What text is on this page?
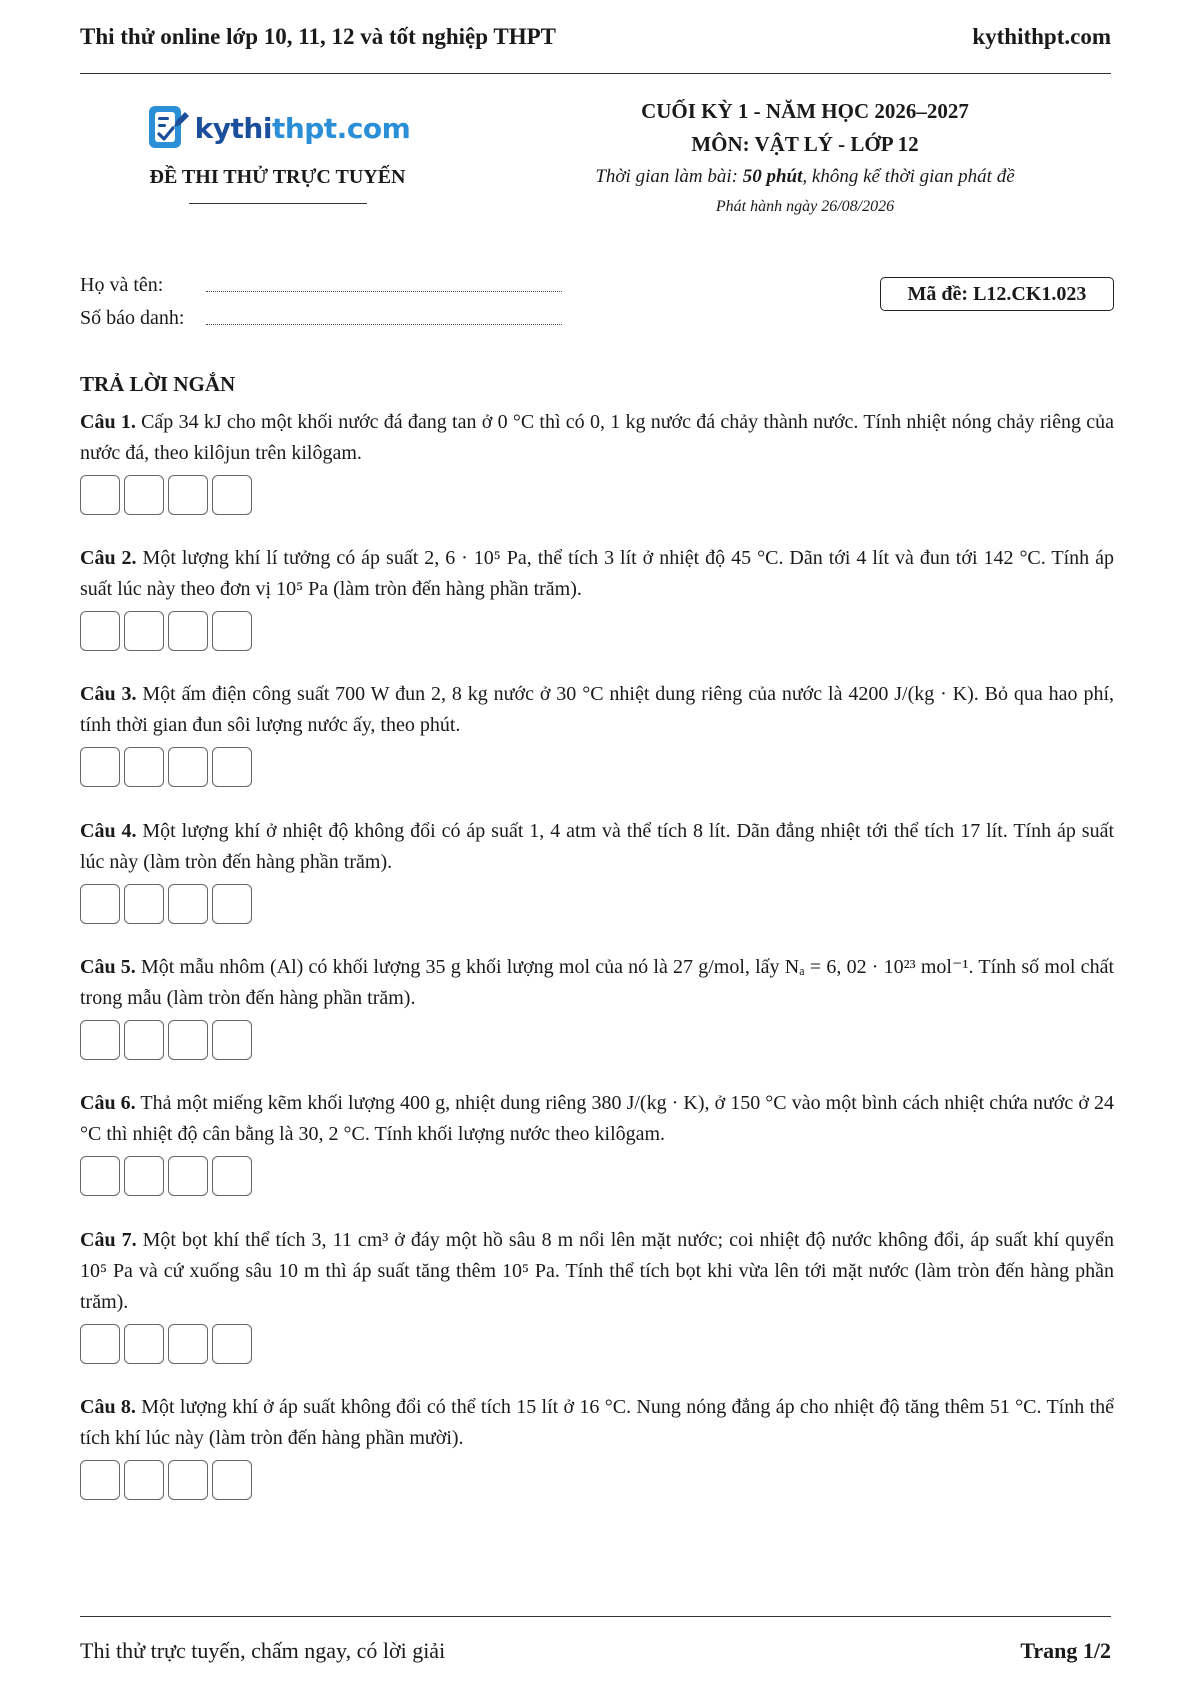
Thi thử online lớp 10, 11, 12 và tốt nghiệp THPT	kythithpt.com
kythithpt.com
ĐỀ THI THỬ TRỰC TUYẾN
CUỐI KỲ 1 - NĂM HỌC 2026–2027
MÔN: VẬT LÝ - LỚP 12
Thời gian làm bài: 50 phút, không kể thời gian phát đề
Phát hành ngày 26/08/2026
Họ và tên:
Số báo danh:
Mã đề: L12.CK1.023
TRẢ LỜI NGẮN
Câu 1. Cấp 34 kJ cho một khối nước đá đang tan ở 0 °C thì có 0, 1 kg nước đá chảy thành nước. Tính nhiệt nóng chảy riêng của nước đá, theo kilôjun trên kilôgam.
Câu 2. Một lượng khí lí tưởng có áp suất 2, 6 · 10⁵ Pa, thể tích 3 lít ở nhiệt độ 45 °C. Dãn tới 4 lít và đun tới 142 °C. Tính áp suất lúc này theo đơn vị 10⁵ Pa (làm tròn đến hàng phần trăm).
Câu 3. Một ấm điện công suất 700 W đun 2, 8 kg nước ở 30 °C nhiệt dung riêng của nước là 4200 J/(kg · K). Bỏ qua hao phí, tính thời gian đun sôi lượng nước ấy, theo phút.
Câu 4. Một lượng khí ở nhiệt độ không đổi có áp suất 1, 4 atm và thể tích 8 lít. Dãn đẳng nhiệt tới thể tích 17 lít. Tính áp suất lúc này (làm tròn đến hàng phần trăm).
Câu 5. Một mẫu nhôm (Al) có khối lượng 35 g khối lượng mol của nó là 27 g/mol, lấy Nₐ = 6, 02 · 10²³ mol⁻¹. Tính số mol chất trong mẫu (làm tròn đến hàng phần trăm).
Câu 6. Thả một miếng kẽm khối lượng 400 g, nhiệt dung riêng 380 J/(kg · K), ở 150 °C vào một bình cách nhiệt chứa nước ở 24 °C thì nhiệt độ cân bằng là 30, 2 °C. Tính khối lượng nước theo kilôgam.
Câu 7. Một bọt khí thể tích 3, 11 cm³ ở đáy một hồ sâu 8 m nổi lên mặt nước; coi nhiệt độ nước không đổi, áp suất khí quyển 10⁵ Pa và cứ xuống sâu 10 m thì áp suất tăng thêm 10⁵ Pa. Tính thể tích bọt khi vừa lên tới mặt nước (làm tròn đến hàng phần trăm).
Câu 8. Một lượng khí ở áp suất không đổi có thể tích 15 lít ở 16 °C. Nung nóng đẳng áp cho nhiệt độ tăng thêm 51 °C. Tính thể tích khí lúc này (làm tròn đến hàng phần mười).
Thi thử trực tuyến, chấm ngay, có lời giải	Trang 1/2
